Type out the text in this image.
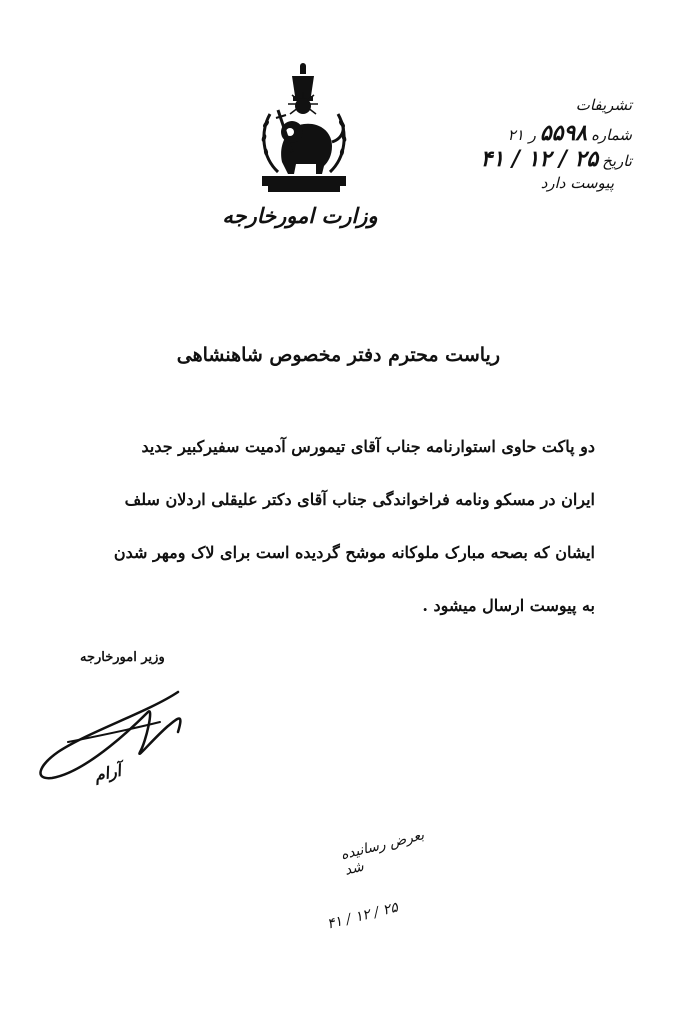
وزارت امورخارجه
تشریفات
شماره
۵۵۹۸
ر ۲۱
تاریخ
۲۵ / ۱۲ / ۴۱
پیوست دارد
ریاست محترم دفتر مخصوص شاهنشاهی
دو پاکت حاوی استوارنامه جناب آقای تیمورس آدمیت سفیرکبیر جدید
ایران در مسکو ونامه فراخواندگی جناب آقای دکتر علیقلی اردلان سلف
ایشان که بصحه مبارک ملوکانه موشح گردیده است برای لاک ومهر شدن
به پیوست ارسال میشود .
وزیر امورخارجه
آرام
بعرض رسانیده شد
۲۵ / ۱۲ / ۴۱
